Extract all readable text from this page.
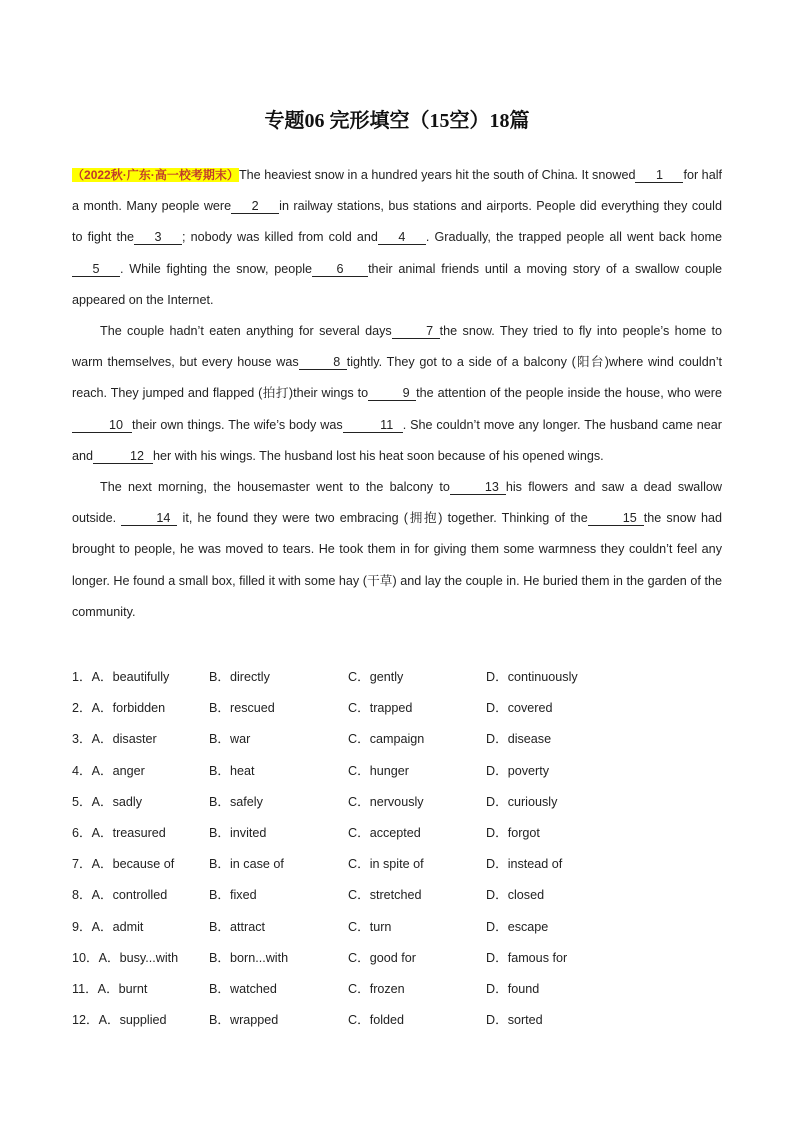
专题06 完形填空（15空）18篇

（2022秋·广东·高一校考期末）The heaviest snow in a hundred years hit the south of China. It snowed 1 for half a month. Many people were 2 in railway stations, bus stations and airports. People did everything they could to fight the 3 ; nobody was killed from cold and 4 . Gradually, the trapped people all went back home5 . While fighting the snow, people 6 their animal friends until a moving story of a swallow couple appeared on the Internet.

The couple hadn’t eaten anything for several days	7 the snow. They tried to fly into people’s home to warm themselves, but every house was	8 tightly. They got to a side of a balcony (阳台)where wind couldn’t reach. They jumped and flapped (拍打)their wings to	9 the attention of the people inside the house, who were10 their own things. The wife’s body was	11 . She couldn’t move any longer. The husband came near and	12 her with his wings. The husband lost his heat soon because of his opened wings.

The next morning, the housemaster went to the balcony to	13 his flowers and saw a dead swallow outside.	14 it, he found they were two embracing (拥抱) together. Thinking of the	15 the snow had brought to people, he was moved to tears. He took them in for giving them some warmness they couldn’t feel any longer. He found a small box, filled it with some hay (干草) and lay the couple in. He buried them in the garden of the community.

1．A．beautifully	B．directly	C．gently	D．continuously
2．A．forbidden	B．rescued	C．trapped	D．covered
3．A．disaster	B．war	C．campaign	D．disease
4．A．anger	B．heat	C．hunger	D．poverty
5．A．sadly	B．safely	C．nervously	D．curiously
6．A．treasured	B．invited	C．accepted	D．forgot
7．A．because of	B．in case of	C．in spite of	D．instead of
8．A．controlled	B．fixed	C．stretched	D．closed
9．A．admit	B．attract	C．turn	D．escape
10．A．busy...with B．born...with	C．good for	D．famous for
11．A．burnt	B．watched	C．frozen	D．found
12．A．supplied	B．wrapped	C．folded	D．sorted
